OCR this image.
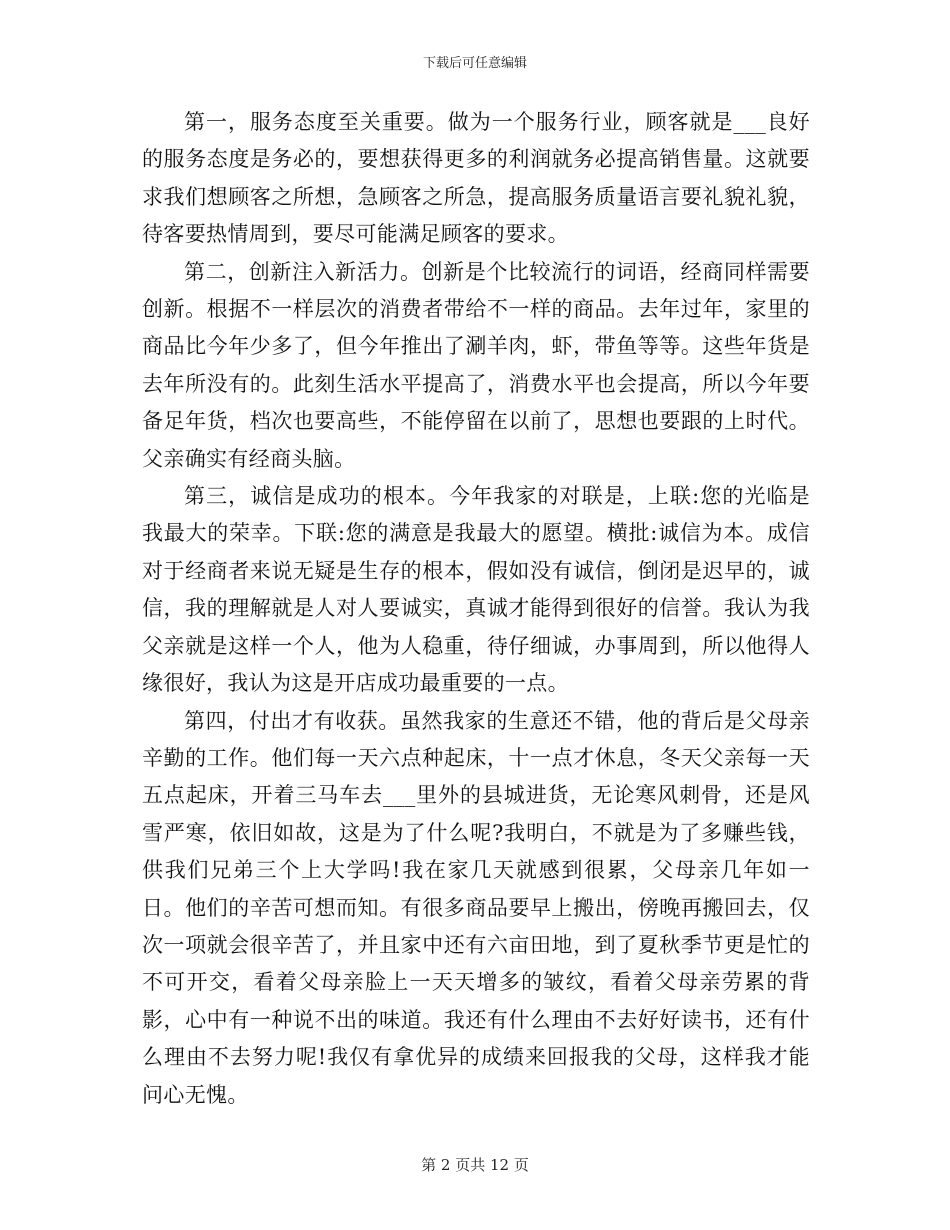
下载后可任意编辑

第一，服务态度至关重要。做为一个服务行业，顾客就是___良好的服务态度是务必的，要想获得更多的利润就务必提高销售量。这就要求我们想顾客之所想，急顾客之所急，提高服务质量语言要礼貌礼貌，待客要热情周到，要尽可能满足顾客的要求。

第二，创新注入新活力。创新是个比较流行的词语，经商同样需要创新。根据不一样层次的消费者带给不一样的商品。去年过年，家里的商品比今年少多了，但今年推出了涮羊肉，虾，带鱼等等。这些年货是去年所没有的。此刻生活水平提高了，消费水平也会提高，所以今年要备足年货，档次也要高些，不能停留在以前了，思想也要跟的上时代。父亲确实有经商头脑。

第三，诚信是成功的根本。今年我家的对联是，上联:您的光临是我最大的荣幸。下联:您的满意是我最大的愿望。横批:诚信为本。成信对于经商者来说无疑是生存的根本，假如没有诚信，倒闭是迟早的，诚信，我的理解就是人对人要诚实，真诚才能得到很好的信誉。我认为我父亲就是这样一个人，他为人稳重，待仔细诚，办事周到，所以他得人缘很好，我认为这是开店成功最重要的一点。

第四，付出才有收获。虽然我家的生意还不错，他的背后是父母亲辛勤的工作。他们每一天六点种起床，十一点才休息，冬天父亲每一天五点起床，开着三马车去___里外的县城进货，无论寒风刺骨，还是风雪严寒，依旧如故，这是为了什么呢?我明白，不就是为了多赚些钱，供我们兄弟三个上大学吗!我在家几天就感到很累，父母亲几年如一日。他们的辛苦可想而知。有很多商品要早上搬出，傍晚再搬回去，仅次一项就会很辛苦了，并且家中还有六亩田地，到了夏秋季节更是忙的不可开交，看着父母亲脸上一天天增多的皱纹，看着父母亲劳累的背影，心中有一种说不出的味道。我还有什么理由不去好好读书，还有什么理由不去努力呢!我仅有拿优异的成绩来回报我的父母，这样我才能问心无愧。

第 2 页共 12 页
